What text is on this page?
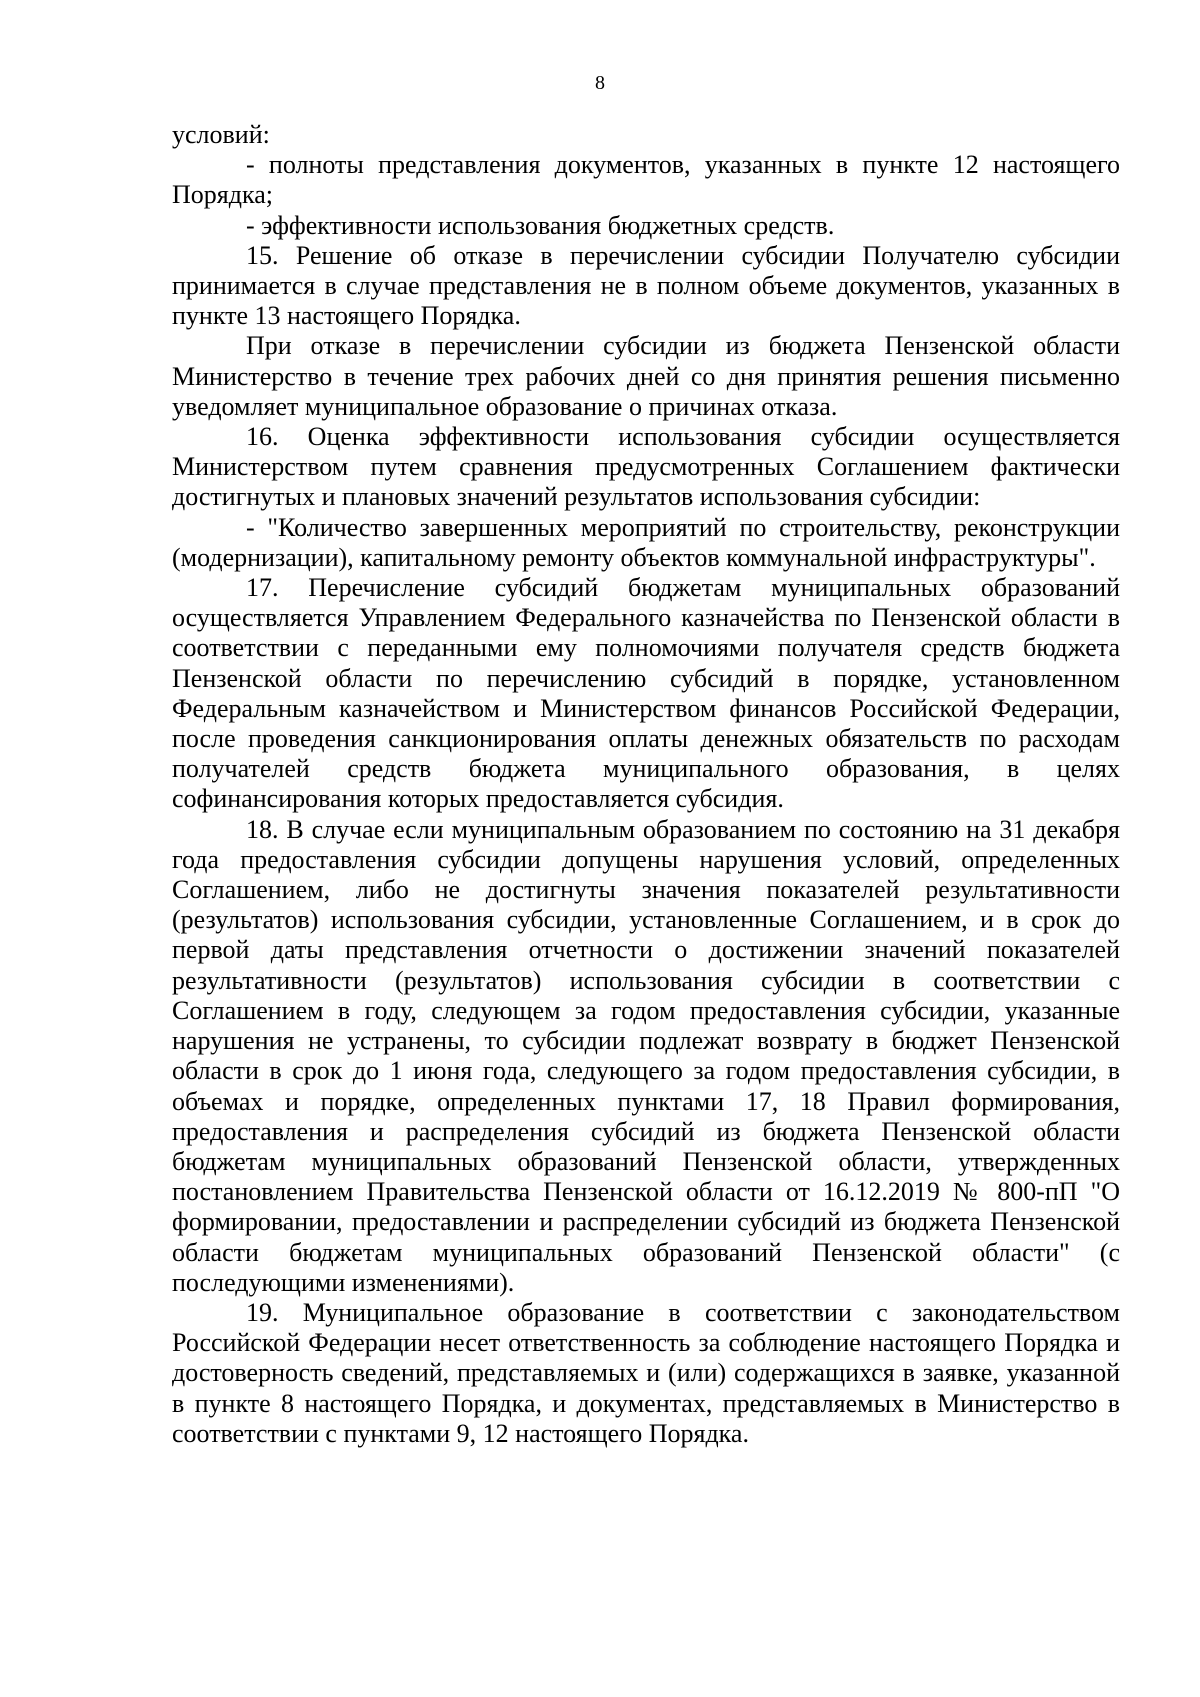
8

условий:

- полноты представления документов, указанных в пункте 12 настоящего Порядка;

- эффективности использования бюджетных средств.

15. Решение об отказе в перечислении субсидии Получателю субсидии принимается в случае представления не в полном объеме документов, указанных в пункте 13 настоящего Порядка.

При отказе в перечислении субсидии из бюджета Пензенской области Министерство в течение трех рабочих дней со дня принятия решения письменно уведомляет муниципальное образование о причинах отказа.

16. Оценка эффективности использования субсидии осуществляется Министерством путем сравнения предусмотренных Соглашением фактически достигнутых и плановых значений результатов использования субсидии:

- "Количество завершенных мероприятий по строительству, реконструкции (модернизации), капитальному ремонту объектов коммунальной инфраструктуры".

17. Перечисление субсидий бюджетам муниципальных образований осуществляется Управлением Федерального казначейства по Пензенской области в соответствии с переданными ему полномочиями получателя средств бюджета Пензенской области по перечислению субсидий в порядке, установленном Федеральным казначейством и Министерством финансов Российской Федерации, после проведения санкционирования оплаты денежных обязательств по расходам получателей средств бюджета муниципального образования, в целях софинансирования которых предоставляется субсидия.

18. В случае если муниципальным образованием по состоянию на 31 декабря года предоставления субсидии допущены нарушения условий, определенных Соглашением, либо не достигнуты значения показателей результативности (результатов) использования субсидии, установленные Соглашением, и в срок до первой даты представления отчетности о достижении значений показателей результативности (результатов) использования субсидии в соответствии с Соглашением в году, следующем за годом предоставления субсидии, указанные нарушения не устранены, то субсидии подлежат возврату в бюджет Пензенской области в срок до 1 июня года, следующего за годом предоставления субсидии, в объемах и порядке, определенных пунктами 17, 18 Правил формирования, предоставления и распределения субсидий из бюджета Пензенской области бюджетам муниципальных образований Пензенской области, утвержденных постановлением Правительства Пензенской области от 16.12.2019 № 800-пП "О формировании, предоставлении и распределении субсидий из бюджета Пензенской области бюджетам муниципальных образований Пензенской области" (с последующими изменениями).

19. Муниципальное образование в соответствии с законодательством Российской Федерации несет ответственность за соблюдение настоящего Порядка и достоверность сведений, представляемых и (или) содержащихся в заявке, указанной в пункте 8 настоящего Порядка, и документах, представляемых в Министерство в соответствии с пунктами 9, 12 настоящего Порядка.
